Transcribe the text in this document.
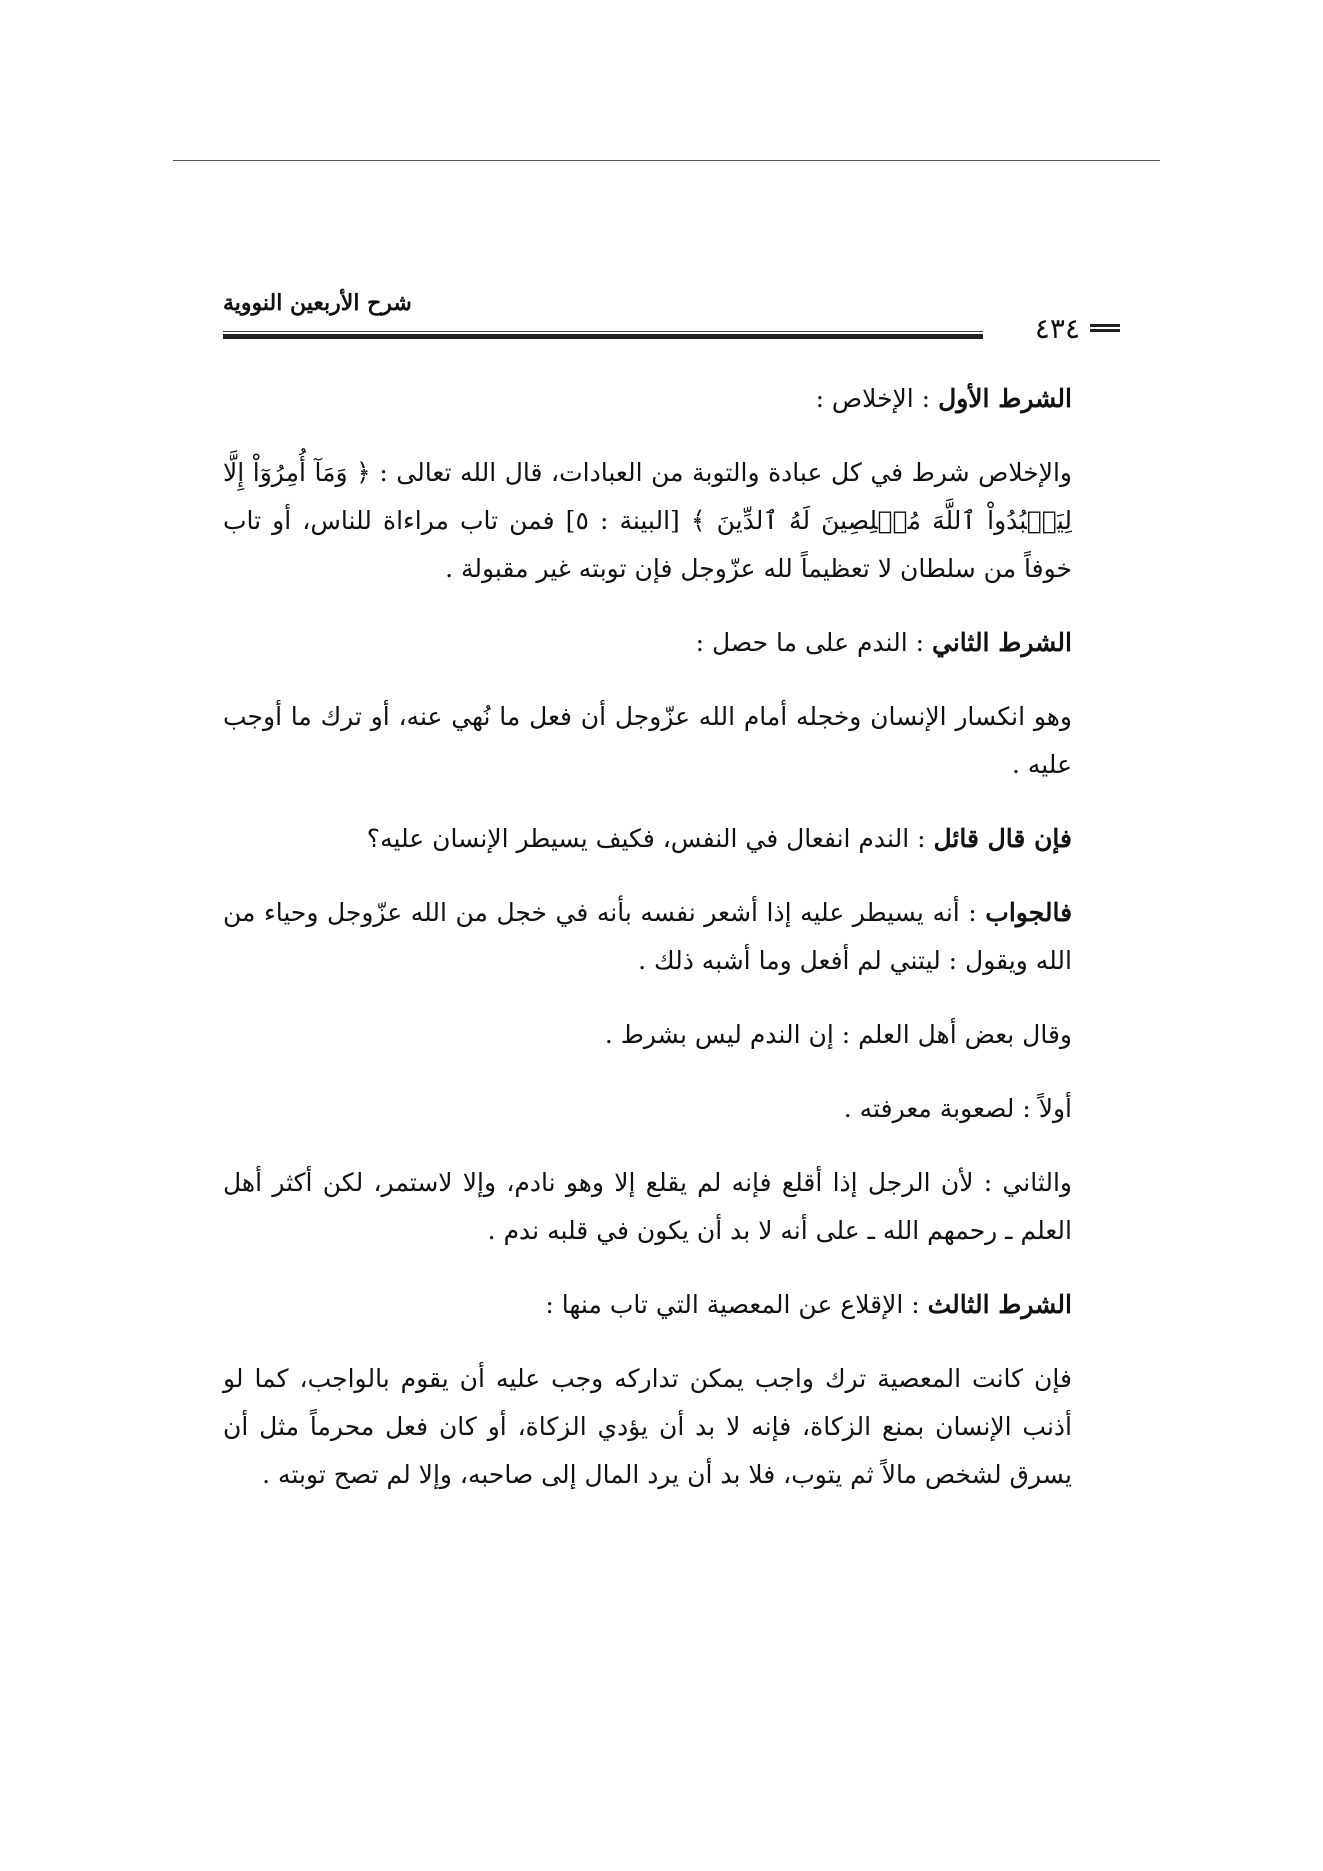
٤٣٤
شرح الأربعين النووية

الشرط الأول : الإخلاص :

والإخلاص شرط في كل عبادة والتوبة من العبادات، قال الله تعالى : ﴿ وَمَآ أُمِرُوٓاْ إِلَّا لِيَعۡبُدُواْ ٱللَّهَ مُخۡلِصِينَ لَهُ ٱلدِّينَ ﴾ [البينة : ٥] فمن تاب مراءاة للناس، أو تاب خوفاً من سلطان لا تعظيماً لله عزّوجل فإن توبته غير مقبولة .

الشرط الثاني : الندم على ما حصل :

وهو انكسار الإنسان وخجله أمام الله عزّوجل أن فعل ما نُهي عنه، أو ترك ما أوجب عليه .

فإن قال قائل : الندم انفعال في النفس، فكيف يسيطر الإنسان عليه؟

فالجواب : أنه يسيطر عليه إذا أشعر نفسه بأنه في خجل من الله عزّوجل وحياء من الله ويقول : ليتني لم أفعل وما أشبه ذلك .

وقال بعض أهل العلم : إن الندم ليس بشرط .

أولاً : لصعوبة معرفته .

والثاني : لأن الرجل إذا أقلع فإنه لم يقلع إلا وهو نادم، وإلا لاستمر، لكن أكثر أهل العلم ـ رحمهم الله ـ على أنه لا بد أن يكون في قلبه ندم .

الشرط الثالث : الإقلاع عن المعصية التي تاب منها :

فإن كانت المعصية ترك واجب يمكن تداركه وجب عليه أن يقوم بالواجب، كما لو أذنب الإنسان بمنع الزكاة، فإنه لا بد أن يؤدي الزكاة، أو كان فعل محرماً مثل أن يسرق لشخص مالاً ثم يتوب، فلا بد أن يرد المال إلى صاحبه، وإلا لم تصح توبته .
